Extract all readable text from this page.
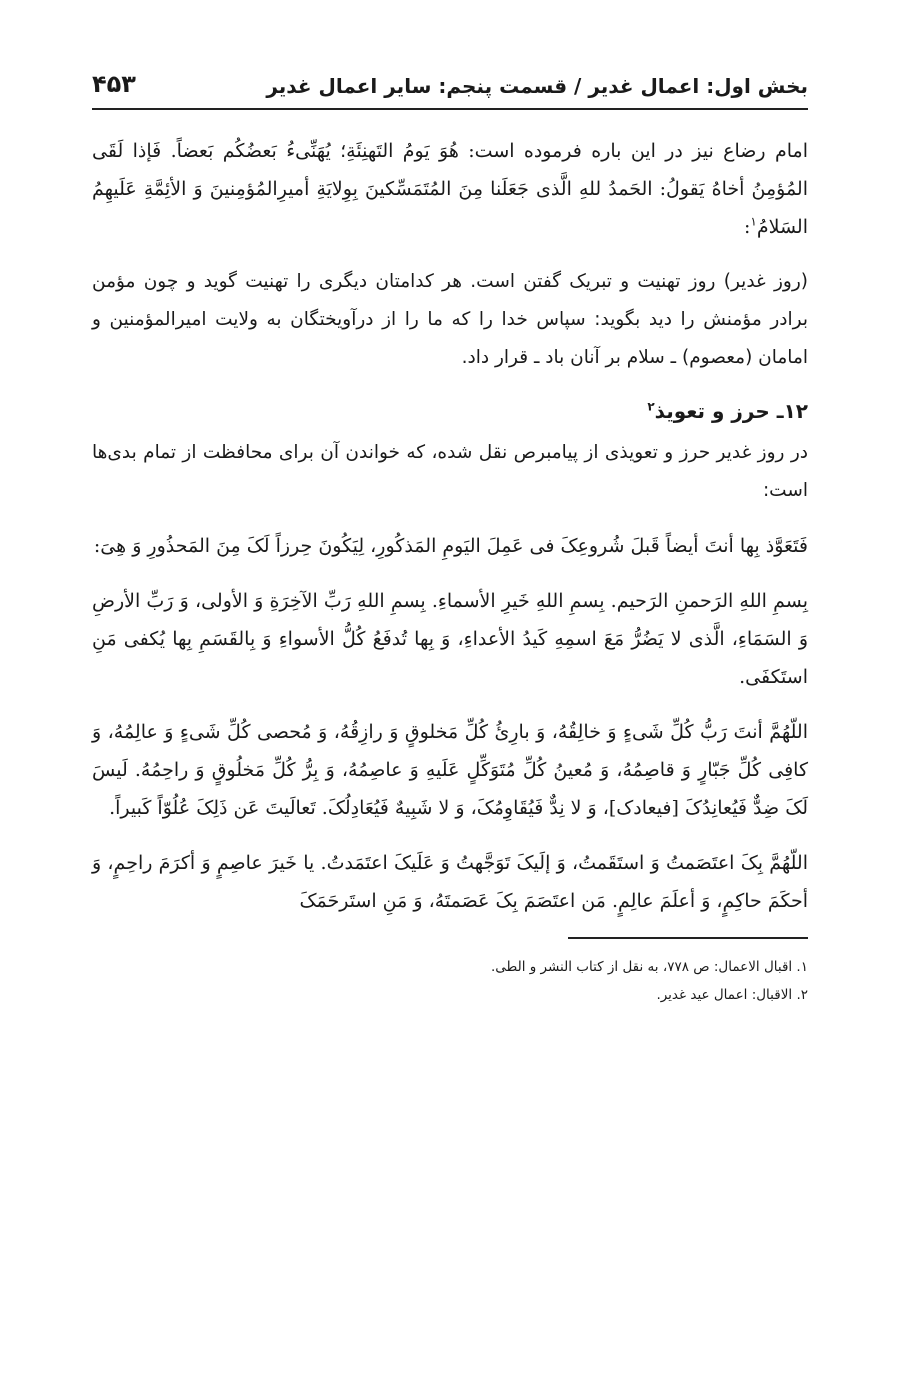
بخش اول: اعمال غدیر / قسمت پنجم: سایر اعمال غدیر
۴۵۳

امام رضاع نیز در این باره فرموده است: هُوَ یَومُ التَهنِئَةِ؛ یُهَنِّیءُ بَعضُکُم بَعضاً. فَإذا لَقَی المُؤمِنُ أخاهُ یَقولُ: الحَمدُ للهِ الَّذی جَعَلَنا مِنَ المُتَمَسِّکینَ بِوِلایَةِ أمیرِالمُؤمِنینَ وَ الأئِمَّةِ عَلَیهِمُ السَلامُ$^۱$:

(روز غدیر) روز تهنیت و تبریک گفتن است. هر کدامتان دیگری را تهنیت گوید و چون مؤمن برادر مؤمنش را دید بگوید: سپاس خدا را که ما را از درآویختگان به ولایت امیرالمؤمنین و امامان (معصوم) ـ سلام بر آنان باد ـ قرار داد.

۱۲ـ حرز و تعویذ$^۲$

در روز غدیر حرز و تعویذی از پیامبرص نقل شده، که خواندن آن برای محافظت از تمام بدی‌ها است:

فَتَعَوَّذ بِها أنتَ أیضاً قَبلَ شُروعِکَ فی عَمِلَ الیَومِ المَذکُورِ، لِیَکُونَ حِرزاً لَکَ مِنَ المَحذُورِ وَ هِیَ:

بِسمِ اللهِ الرَحمنِ الرَحیم. بِسمِ اللهِ خَیرِ الأسماءِ. بِسمِ اللهِ رَبِّ الآخِرَةِ وَ الأولی، وَ رَبِّ الأرضِ وَ السَمَاءِ، الَّذی لا یَضُرُّ مَعَ اسمِهِ کَیدُ الأعداءِ، وَ بِها تُدفَعُ کُلُّ الأسواءِ وَ بِالقَسَمِ بِها یُکفی مَنِ استَکفَی.

اللّهُمَّ أنتَ رَبُّ کُلِّ شَیءٍ وَ خالِقُهُ، وَ بارِئُ کُلِّ مَخلوقٍ وَ رازِقُهُ، وَ مُحصی کُلِّ شَیءٍ وَ عالِمُهُ، وَ کافِی کُلِّ جَبّارٍ وَ قاصِمُهُ، وَ مُعینُ کُلِّ مُتَوَکِّلٍ عَلَیهِ وَ عاصِمُهُ، وَ بِرُّ کُلِّ مَخلُوقٍ وَ راحِمُهُ. لَیسَ لَکَ ضِدٌّ فَیُعانِدُکَ [فیعادک]، وَ لا نِدٌّ فَیُقَاوِمُکَ، وَ لا شَبِیهٌ فَیُعَادِلُکَ. تَعالَیتَ عَن ذَلِکَ عُلُوّاً کَبیراً.

اللّهُمَّ بِکَ اعتَصَمتُ وَ استَقَمتُ، وَ إلَیکَ تَوَجَّهتُ وَ عَلَیکَ اعتَمَدتُ. یا خَیرَ عاصِمٍ وَ أکرَمَ راحِمٍ، وَ أحکَمَ حاکِمٍ، وَ أعلَمَ عالِمٍ. مَن اعتَصَمَ بِکَ عَصَمتَهُ، وَ مَنِ استَرحَمَکَ

۱. اقبال الاعمال: ص ۷۷۸، به نقل از کتاب النشر و الطی.
۲. الاقبال: اعمال عید غدیر.
